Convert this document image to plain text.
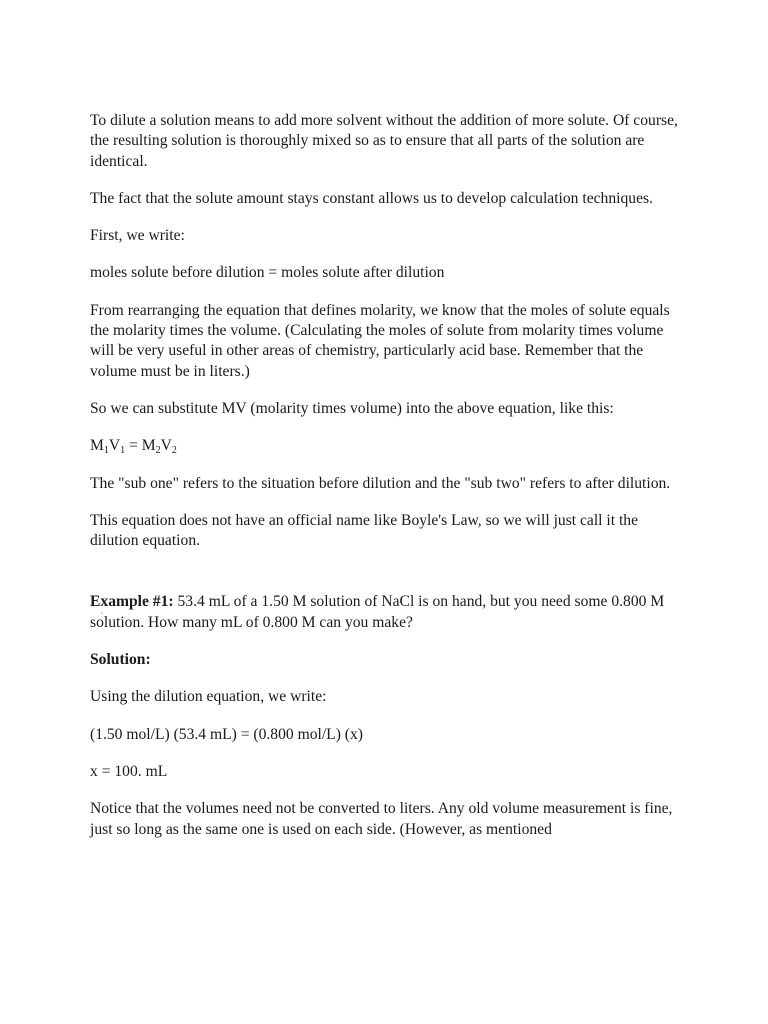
To dilute a solution means to add more solvent without the addition of more solute. Of course, the resulting solution is thoroughly mixed so as to ensure that all parts of the solution are identical.

The fact that the solute amount stays constant allows us to develop calculation techniques.

First, we write:

moles solute before dilution = moles solute after dilution

From rearranging the equation that defines molarity, we know that the moles of solute equals the molarity times the volume. (Calculating the moles of solute from molarity times volume will be very useful in other areas of chemistry, particularly acid base. Remember that the volume must be in liters.)

So we can substitute MV (molarity times volume) into the above equation, like this:

$M_1V_1 = M_2V_2$

The "sub one" refers to the situation before dilution and the "sub two" refers to after dilution.

This equation does not have an official name like Boyle's Law, so we will just call it the dilution equation.

Example #1: 53.4 mL of a 1.50 M solution of NaCl is on hand, but you need some 0.800 M solution. How many mL of 0.800 M can you make?

Solution:

Using the dilution equation, we write:

(1.50 mol/L) (53.4 mL) = (0.800 mol/L) (x)

x = 100. mL

Notice that the volumes need not be converted to liters. Any old volume measurement is fine, just so long as the same one is used on each side. (However, as mentioned
